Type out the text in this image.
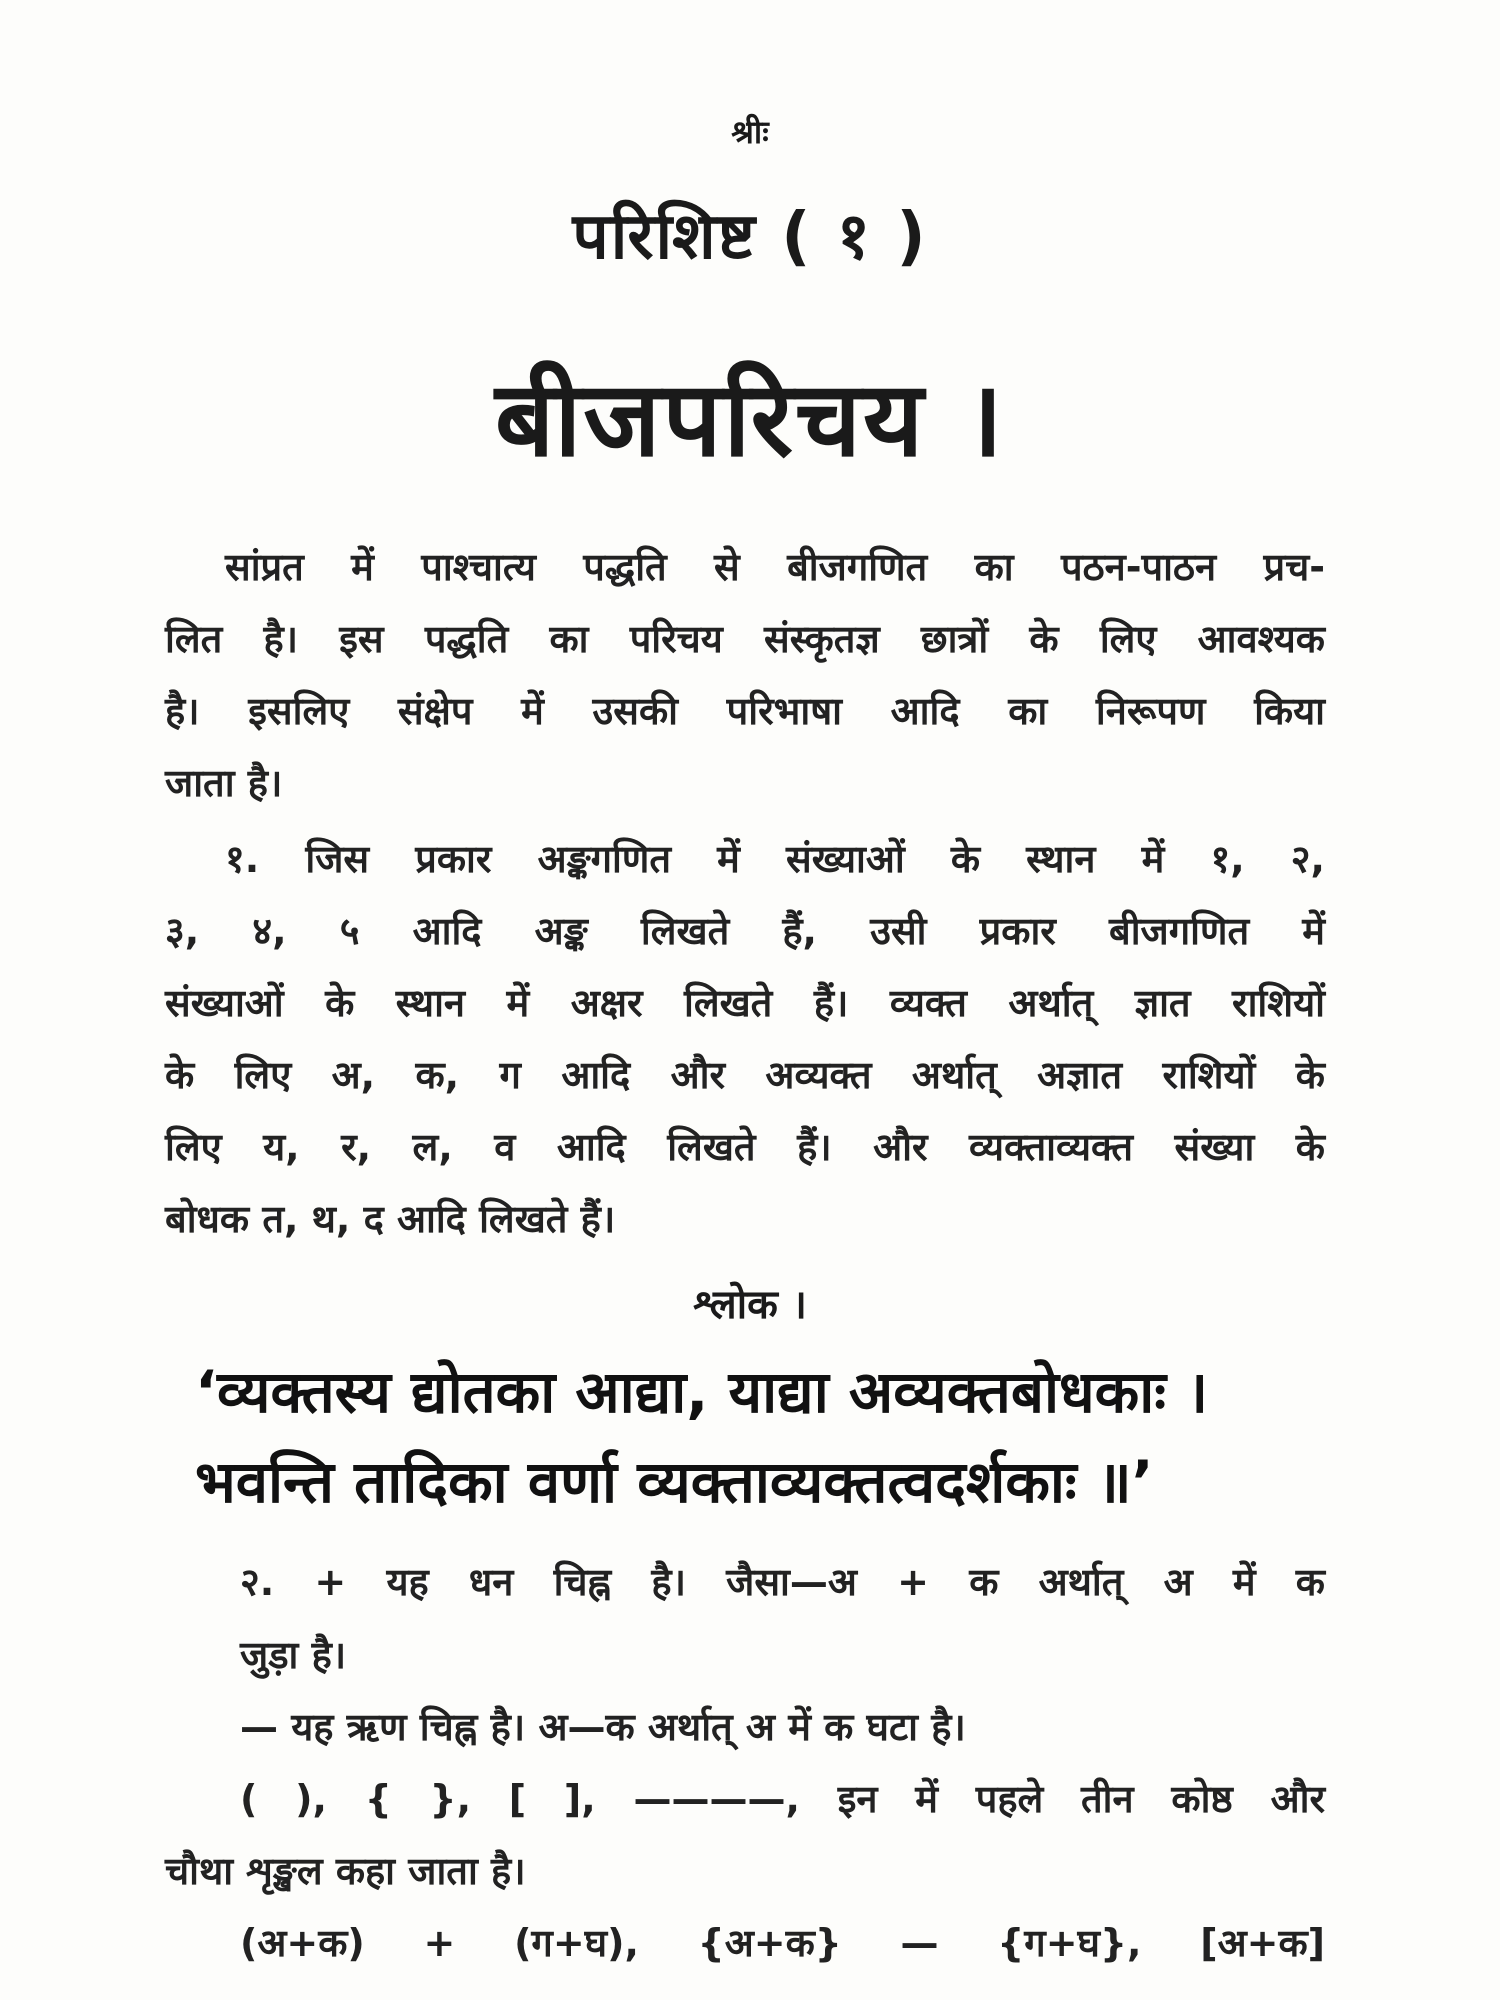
श्रीः
परिशिष्ट ( १ )
बीजपरिचय ।
सांप्रत में पाश्चात्य पद्धति से बीजगणित का पठन-पाठन प्रच-
लित है। इस पद्धति का परिचय संस्कृतज्ञ छात्रों के लिए आवश्यक
है। इसलिए संक्षेप में उसकी परिभाषा आदि का निरूपण किया
जाता है।
१. जिस प्रकार अङ्कगणित में संख्याओं के स्थान में १, २,
३, ४, ५ आदि अङ्क लिखते हैं, उसी प्रकार बीजगणित में
संख्याओं के स्थान में अक्षर लिखते हैं। व्यक्त अर्थात् ज्ञात राशियों
के लिए अ, क, ग आदि और अव्यक्त अर्थात् अज्ञात राशियों के
लिए य, र, ल, व आदि लिखते हैं। और व्यक्ताव्यक्त संख्या के
बोधक त, थ, द आदि लिखते हैं।
श्लोक ।
‘व्यक्तस्य द्योतका आद्या, याद्या अव्यक्तबोधकाः ।
भवन्ति तादिका वर्णा व्यक्ताव्यक्तत्वदर्शकाः ॥’
२. + यह धन चिह्न है। जैसा—अ + क अर्थात् अ में क
जुड़ा है।
— यह ऋण चिह्न है। अ—क अर्थात् अ में क घटा है।
( ), { }, [ ], ————, इन में पहले तीन कोष्ठ और
चौथा शृङ्खल कहा जाता है।
(अ+क) + (ग+घ), {अ+क} — {ग+घ}, [अ+क]
